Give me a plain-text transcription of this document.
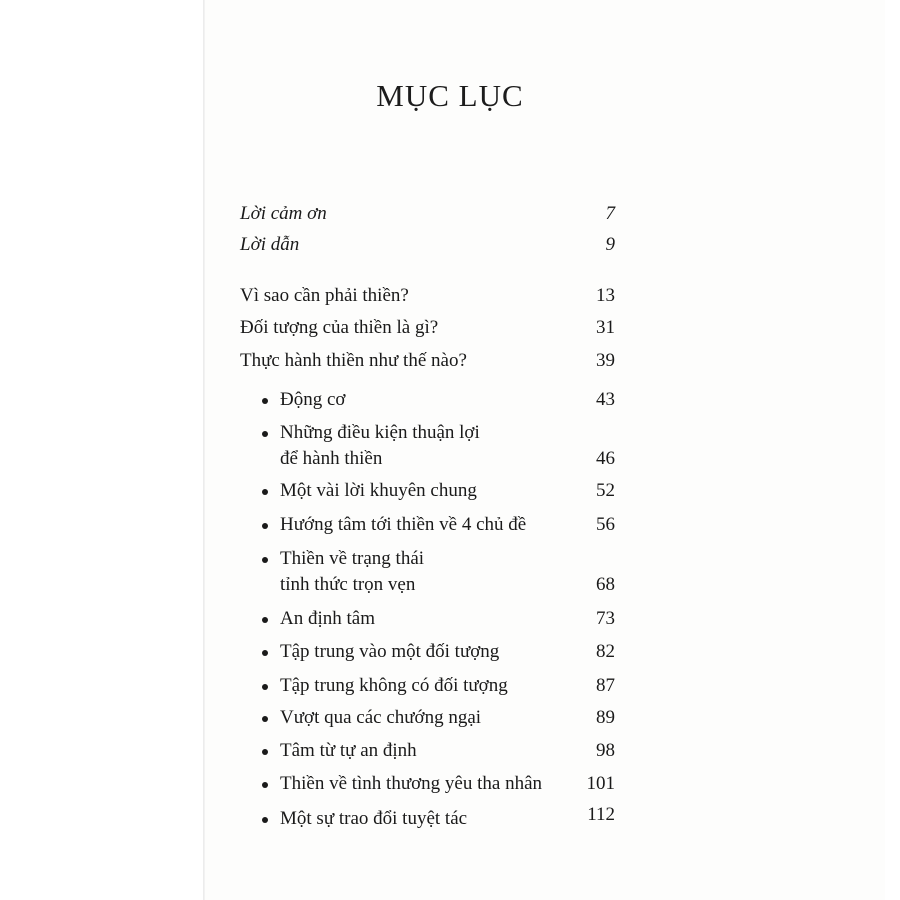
MỤC LỤC
Lời cảm ơn	7
Lời dẫn	9
Vì sao cần phải thiền?	13
Đối tượng của thiền là gì?	31
Thực hành thiền như thế nào?	39
Động cơ	43
Những điều kiện thuận lợi
để hành thiền	46
Một vài lời khuyên chung	52
Hướng tâm tới thiền về 4 chủ đề	56
Thiền về trạng thái
tỉnh thức trọn vẹn	68
An định tâm	73
Tập trung vào một đối tượng	82
Tập trung không có đối tượng	87
Vượt qua các chướng ngại	89
Tâm từ tự an định	98
Thiền về tình thương yêu tha nhân 101
Một sự trao đổi tuyệt tác	112
